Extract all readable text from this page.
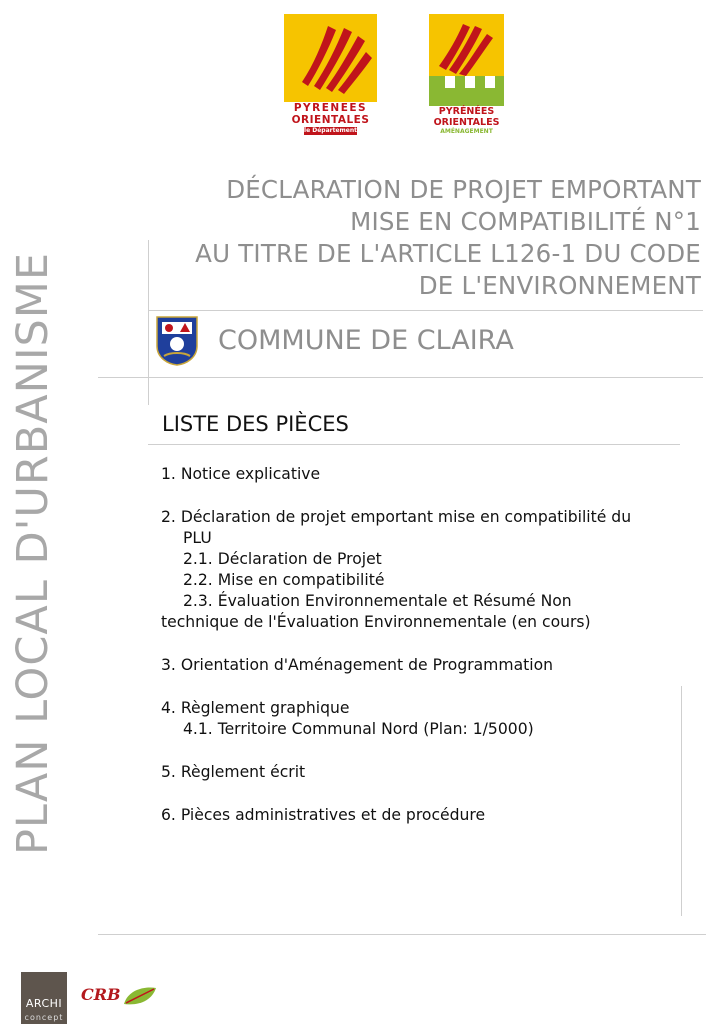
PLAN LOCAL D'URBANISME
PYRENEES
ORIENTALES
le Département
PYRÉNÉES
ORIENTALES
AMÉNAGEMENT
DÉCLARATION DE PROJET EMPORTANT
MISE EN COMPATIBILITÉ N°1
AU TITRE DE L'ARTICLE L126-1 DU CODE
DE L'ENVIRONNEMENT
COMMUNE DE CLAIRA
LISTE DES PIÈCES
1. Notice explicative
2. Déclaration de projet emportant mise en compatibilité du
PLU
2.1. Déclaration de Projet
2.2. Mise en compatibilité
2.3. Évaluation Environnementale et Résumé Non
technique de l'Évaluation Environnementale (en cours)
3. Orientation d'Aménagement de Programmation
4. Règlement graphique
4.1. Territoire Communal Nord (Plan: 1/5000)
5. Règlement écrit
6. Pièces administratives et de procédure
ARCHI
concept
CRB
